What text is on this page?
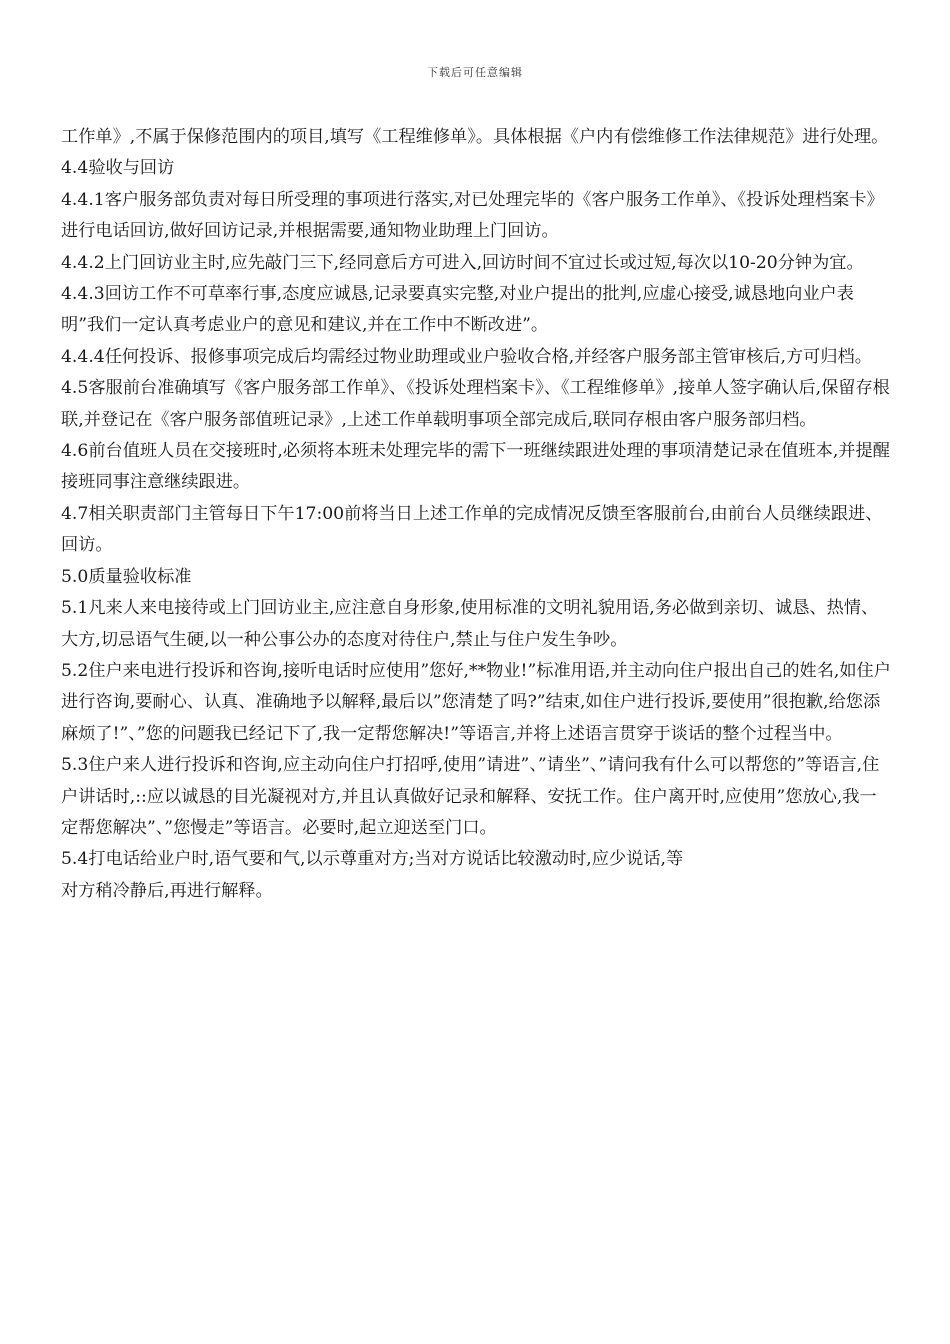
下载后可任意编辑

工作单》,不属于保修范围内的项目,填写《工程维修单》。具体根据《户内有偿维修工作法律规范》进行处理。

4.4验收与回访

4.4.1客户服务部负责对每日所受理的事项进行落实,对已处理完毕的《客户服务工作单》、《投诉处理档案卡》进行电话回访,做好回访记录,并根据需要,通知物业助理上门回访。

4.4.2上门回访业主时,应先敲门三下,经同意后方可进入,回访时间不宜过长或过短,每次以10-20分钟为宜。

4.4.3回访工作不可草率行事,态度应诚恳,记录要真实完整,对业户提出的批判,应虚心接受,诚恳地向业户表明”我们一定认真考虑业户的意见和建议,并在工作中不断改进”。

4.4.4任何投诉、报修事项完成后均需经过物业助理或业户验收合格,并经客户服务部主管审核后,方可归档。

4.5客服前台准确填写《客户服务部工作单》、《投诉处理档案卡》、《工程维修单》,接单人签字确认后,保留存根联,并登记在《客户服务部值班记录》,上述工作单载明事项全部完成后,联同存根由客户服务部归档。

4.6前台值班人员在交接班时,必须将本班未处理完毕的需下一班继续跟进处理的事项清楚记录在值班本,并提醒接班同事注意继续跟进。

4.7相关职责部门主管每日下午17:00前将当日上述工作单的完成情况反馈至客服前台,由前台人员继续跟进、回访。

5.0质量验收标准

5.1凡来人来电接待或上门回访业主,应注意自身形象,使用标准的文明礼貌用语,务必做到亲切、诚恳、热情、大方,切忌语气生硬,以一种公事公办的态度对待住户,禁止与住户发生争吵。

5.2住户来电进行投诉和咨询,接听电话时应使用”您好,**物业!”标准用语,并主动向住户报出自己的姓名,如住户进行咨询,要耐心、认真、准确地予以解释,最后以”您清楚了吗?”结束,如住户进行投诉,要使用”很抱歉,给您添麻烦了!”、”您的问题我已经记下了,我一定帮您解决!”等语言,并将上述语言贯穿于谈话的整个过程当中。

5.3住户来人进行投诉和咨询,应主动向住户打招呼,使用”请进”、”请坐”、”请问我有什么可以帮您的”等语言,住户讲话时,::应以诚恳的目光凝视对方,并且认真做好记录和解释、安抚工作。住户离开时,应使用”您放心,我一定帮您解决”、”您慢走”等语言。必要时,起立迎送至门口。

5.4打电话给业户时,语气要和气,以示尊重对方;当对方说话比较激动时,应少说话,等

对方稍冷静后,再进行解释。
